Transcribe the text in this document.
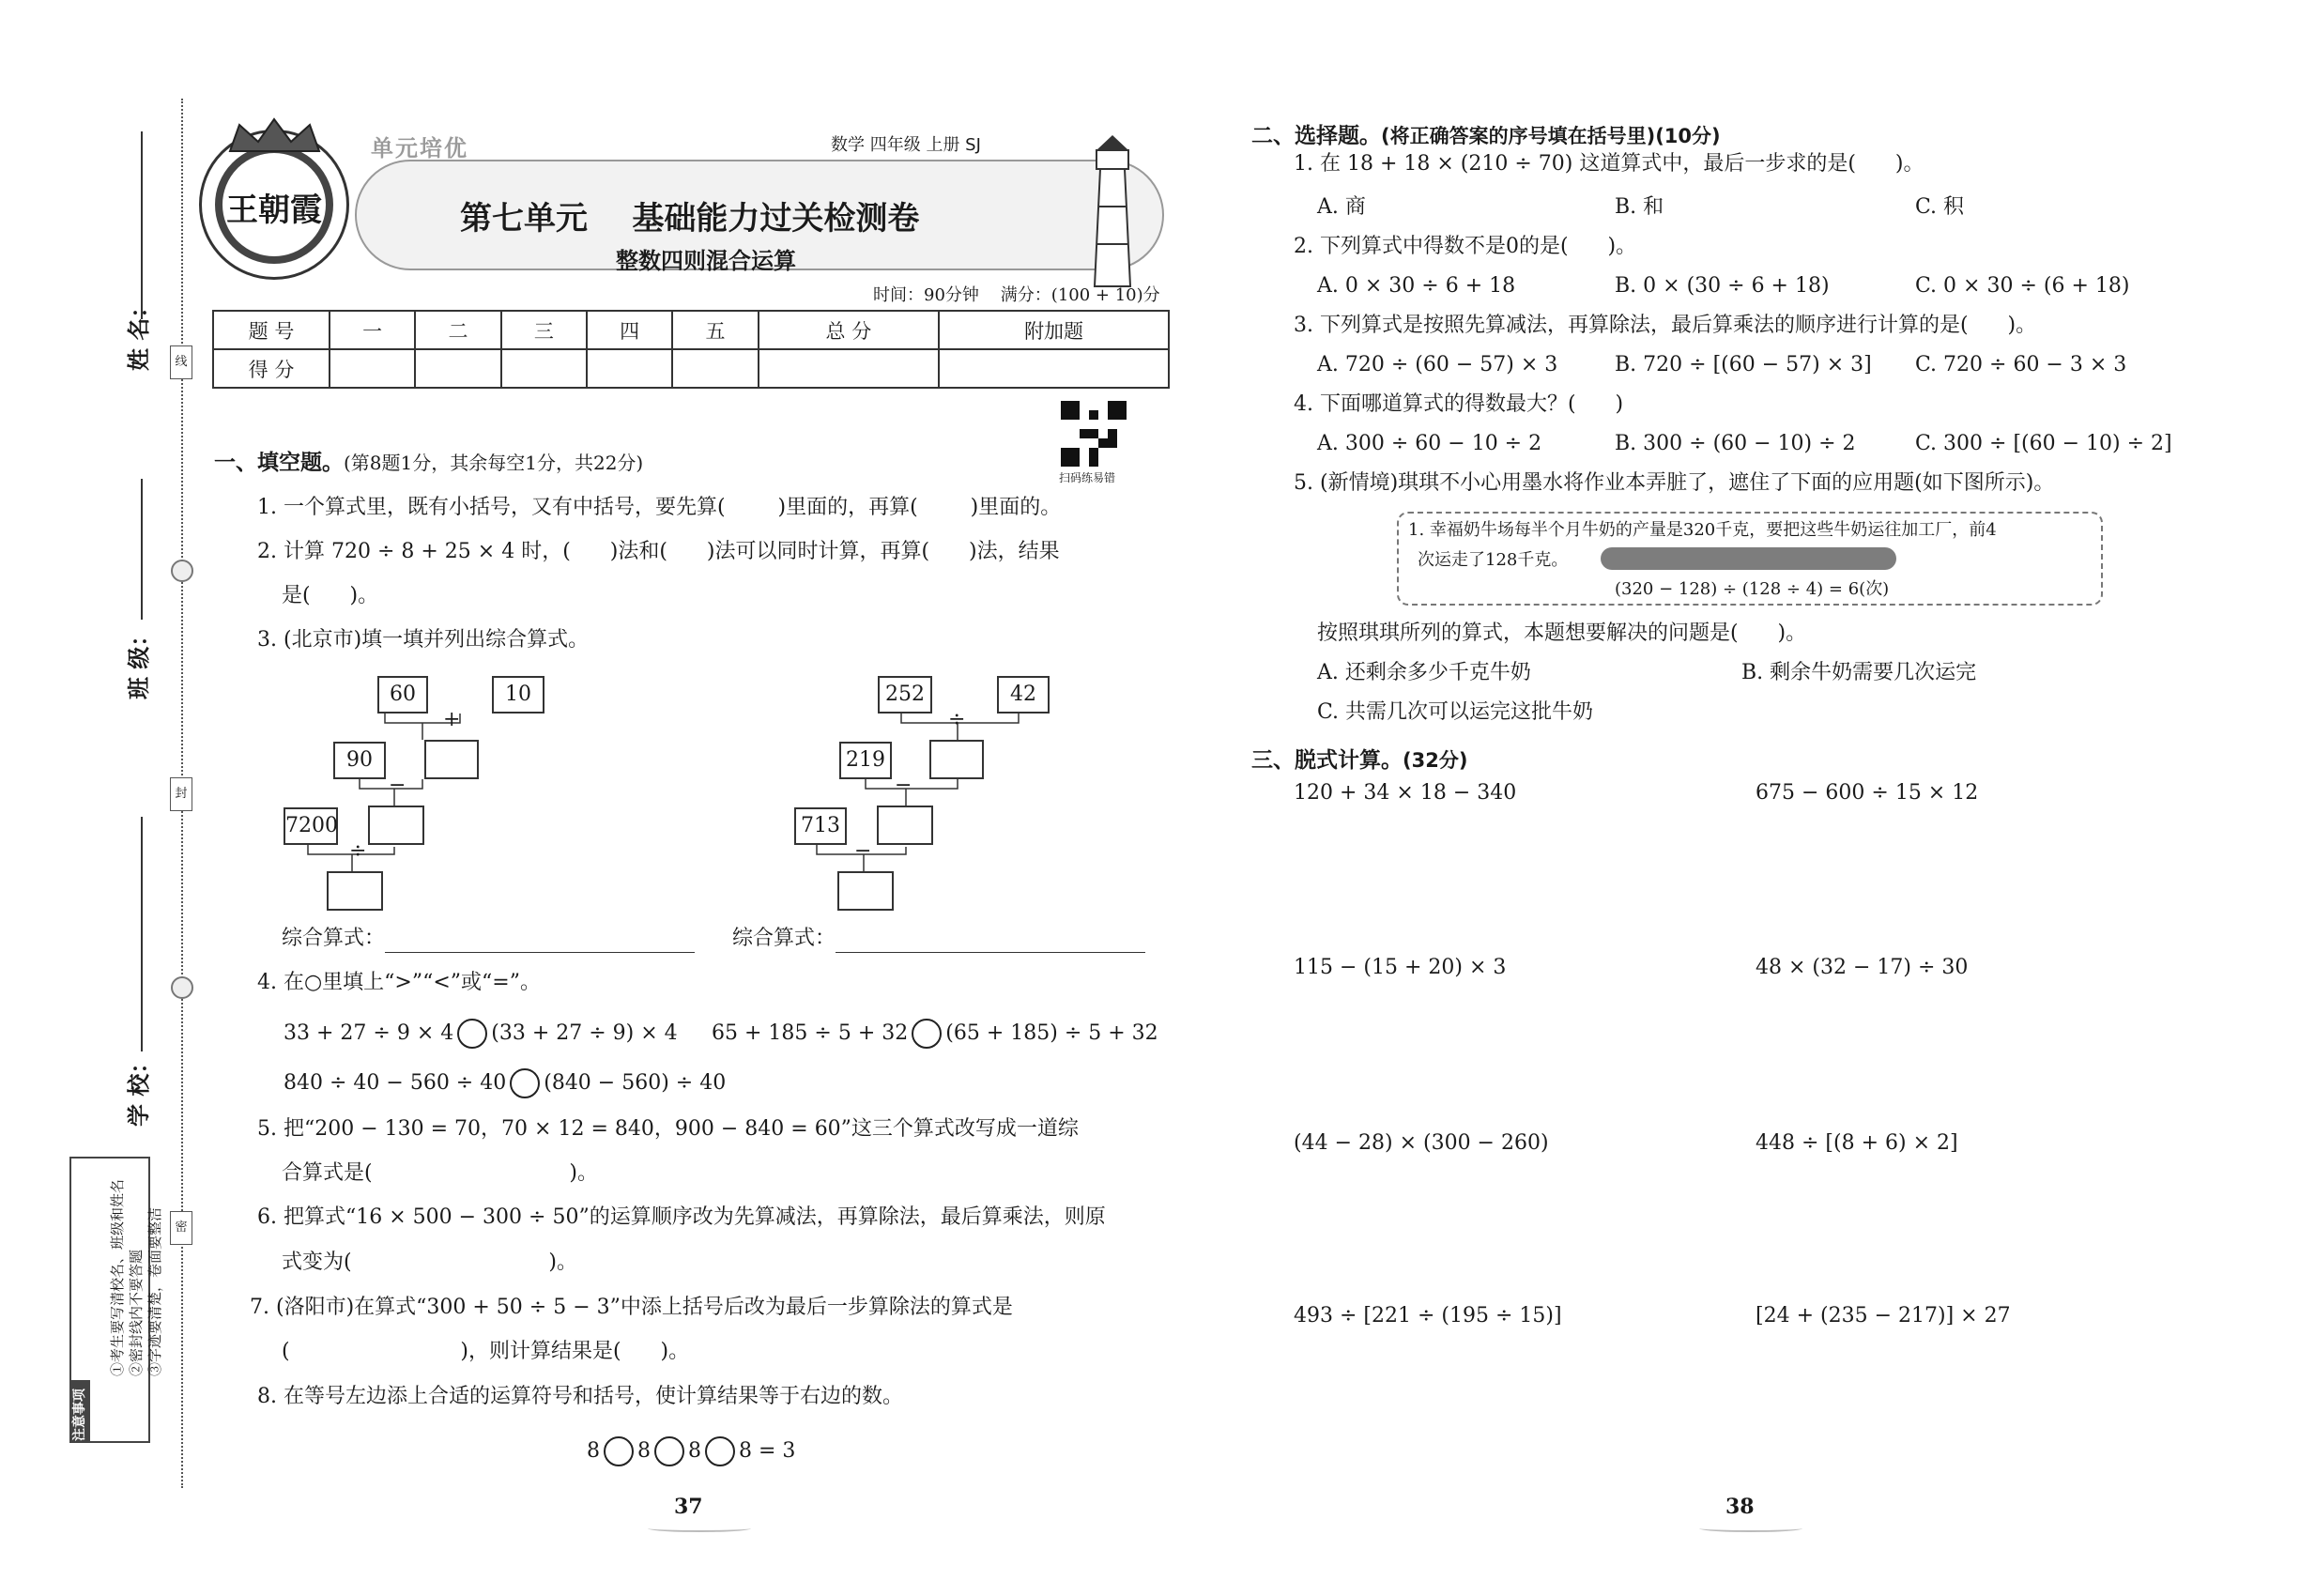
线
封
密
姓 名：
班 级：
学 校：
①考生要写清校名、班级和姓名 ②密封线内不要答题 ③字迹要清楚，卷面要整洁
注意事项
王朝霞
单元培优	数学 四年级 上册 SJ
第七单元    基础能力过关检测卷
整数四则混合运算
时间：90分钟    满分：(100 + 10)分
题 号	一	二	三	四	五	总 分	附加题
得 分							
扫码练易错
一、填空题。(第8题1分，其余每空1分，共22分)
1. 一个算式里，既有小括号，又有中括号，要先算(        )里面的，再算(        )里面的。
2. 计算 720 ÷ 8 + 25 × 4 时，(      )法和(      )法可以同时计算，再算(      )法，结果
是(      )。
3. (北京市)填一填并列出综合算式。
60	10
+
90
−
7200
÷
252	42
÷
219
−
713
−
综合算式：	综合算式：
4. 在○里填上“>”“<”或“=”。
33 + 27 ÷ 9 × 4 (33 + 27 ÷ 9) × 4 65 + 185 ÷ 5 + 32 (65 + 185) ÷ 5 + 32
840 ÷ 40 − 560 ÷ 40 (840 − 560) ÷ 40
5. 把“200 − 130 = 70，70 × 12 = 840，900 − 840 = 60”这三个算式改写成一道综
合算式是(                              )。
6. 把算式“16 × 500 − 300 ÷ 50”的运算顺序改为先算减法，再算除法，最后算乘法，则原
式变为(                              )。
7. (洛阳市)在算式“300 + 50 ÷ 5 − 3”中添上括号后改为最后一步算除法的算式是
(                          )，则计算结果是(      )。
8. 在等号左边添上合适的运算符号和括号，使计算结果等于右边的数。
8 8 8 8 = 3
37
二、选择题。(将正确答案的序号填在括号里)(10分)
1. 在 18 + 18 × (210 ÷ 70) 这道算式中，最后一步求的是(      )。
A. 商	B. 和	C. 积
2. 下列算式中得数不是0的是(      )。
A. 0 × 30 ÷ 6 + 18	B. 0 × (30 ÷ 6 + 18)	C. 0 × 30 ÷ (6 + 18)
3. 下列算式是按照先算减法，再算除法，最后算乘法的顺序进行计算的是(      )。
A. 720 ÷ (60 − 57) × 3	B. 720 ÷ [(60 − 57) × 3] C. 720 ÷ 60 − 3 × 3
4. 下面哪道算式的得数最大？(      )
A. 300 ÷ 60 − 10 ÷ 2	B. 300 ÷ (60 − 10) ÷ 2	C. 300 ÷ [(60 − 10) ÷ 2]
5. (新情境)琪琪不小心用墨水将作业本弄脏了，遮住了下面的应用题(如下图所示)。
1. 幸福奶牛场每半个月牛奶的产量是320千克，要把这些牛奶运往加工厂，前4
次运走了128千克。
(320 − 128) ÷ (128 ÷ 4) = 6(次)
按照琪琪所列的算式，本题想要解决的问题是(      )。
A. 还剩余多少千克牛奶	B. 剩余牛奶需要几次运完
C. 共需几次可以运完这批牛奶
三、脱式计算。(32分)
120 + 34 × 18 − 340	675 − 600 ÷ 15 × 12
115 − (15 + 20) × 3	48 × (32 − 17) ÷ 30
(44 − 28) × (300 − 260)	448 ÷ [(8 + 6) × 2]
493 ÷ [221 ÷ (195 ÷ 15)]	[24 + (235 − 217)] × 27
38
